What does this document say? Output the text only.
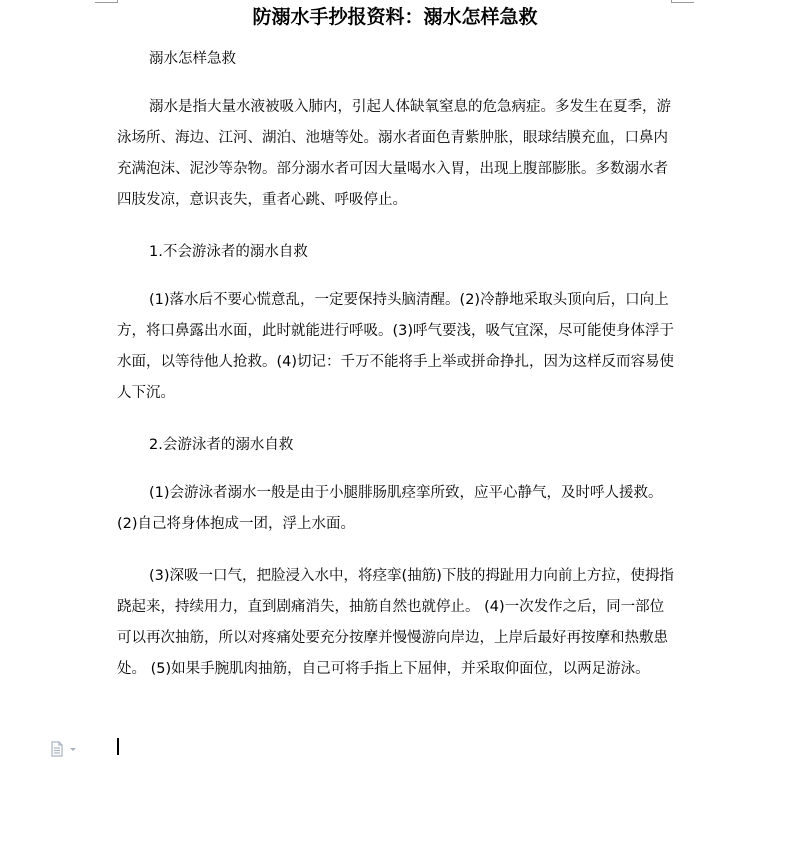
防溺水手抄报资料：溺水怎样急救

溺水怎样急救

溺水是指大量水液被吸入肺内，引起人体缺氧窒息的危急病症。多发生在夏季，游泳场所、海边、江河、湖泊、池塘等处。溺水者面色青紫肿胀，眼球结膜充血，口鼻内充满泡沫、泥沙等杂物。部分溺水者可因大量喝水入胃，出现上腹部膨胀。多数溺水者四肢发凉，意识丧失，重者心跳、呼吸停止。

1.不会游泳者的溺水自救

(1)落水后不要心慌意乱，一定要保持头脑清醒。(2)冷静地采取头顶向后，口向上方，将口鼻露出水面，此时就能进行呼吸。(3)呼气要浅，吸气宜深，尽可能使身体浮于水面，以等待他人抢救。(4)切记：千万不能将手上举或拼命挣扎，因为这样反而容易使人下沉。

2.会游泳者的溺水自救

(1)会游泳者溺水一般是由于小腿腓肠肌痉挛所致，应平心静气，及时呼人援救。 (2)自己将身体抱成一团，浮上水面。

(3)深吸一口气，把脸浸入水中，将痉挛(抽筋)下肢的拇趾用力向前上方拉，使拇指跷起来，持续用力，直到剧痛消失，抽筋自然也就停止。 (4)一次发作之后，同一部位可以再次抽筋，所以对疼痛处要充分按摩并慢慢游向岸边，上岸后最好再按摩和热敷患处。 (5)如果手腕肌肉抽筋，自己可将手指上下屈伸，并采取仰面位，以两足游泳。
